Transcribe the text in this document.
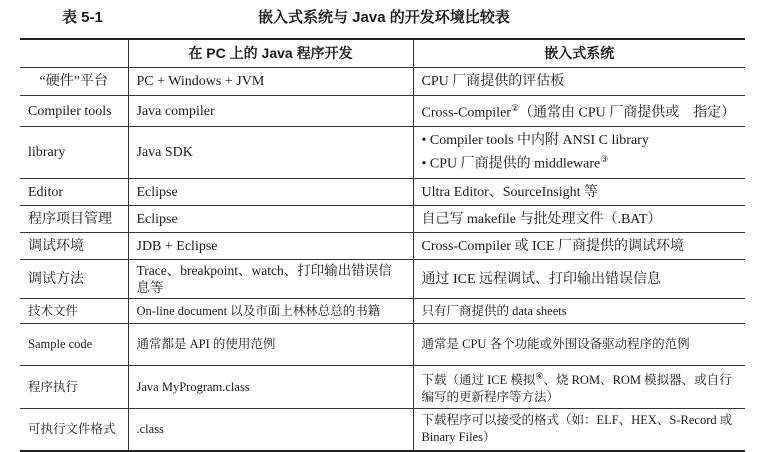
表 5-1	嵌入式系统与 Java 的开发环境比较表
	在 PC 上的 Java 程序开发	嵌入式系统
“硬件”平台	PC + Windows + JVM	CPU 厂商提供的评估板
Compiler tools	Java compiler	Cross-Compiler②（通常由 CPU 厂商提供或　指定）
library	Java SDK	• Compiler tools 中内附 ANSI C library
• CPU 厂商提供的 middleware③

Editor	Eclipse	Ultra Editor、SourceInsight 等
程序项目管理	Eclipse	自己写 makefile 与批处理文件（.BAT）
调试环境	JDB + Eclipse	Cross-Compiler 或 ICE 厂商提供的调试环境
调试方法	Trace、breakpoint、watch、打印输出错误信息等	通过 ICE 远程调试、打印输出错误信息
技术文件	On-line document 以及市面上林林总总的书籍	只有厂商提供的 data sheets
Sample code	通常都是 API 的使用范例	通常是 CPU 各个功能或外围设备驱动程序的范例
程序执行	Java MyProgram.class	下载（通过 ICE 模拟④、烧 ROM、ROM 模拟器、或自行编写的更新程序等方法）
可执行文件格式	.class	下载程序可以接受的格式（如：ELF、HEX、S-Record 或 Binary Files）
